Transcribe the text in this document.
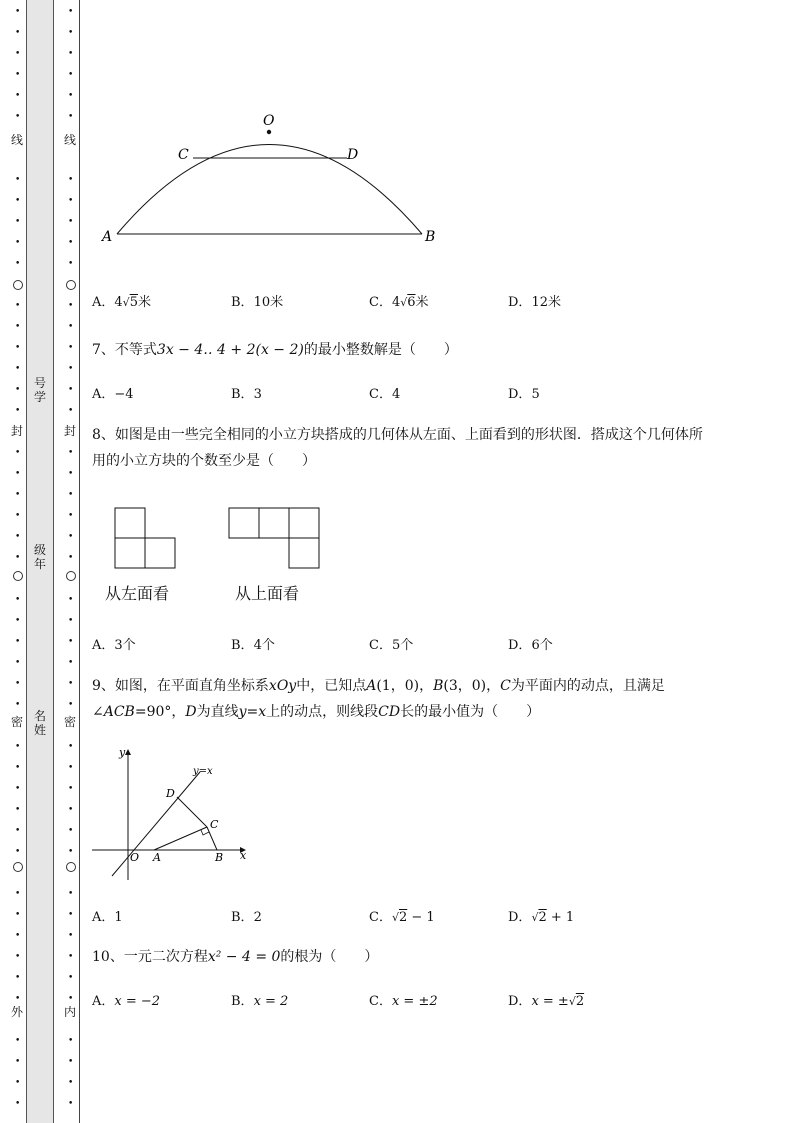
号学
级年
名姓
线
封
密
外
线
封
密
内
O
C	D
A	B
A．4√5米	B．10米	C．4√6米	D．12米
7、不等式3x − 4‥ 4 + 2(x − 2)的最小整数解是（　　）
A．−4	B．3	C．4	D．5
8、如图是由一些完全相同的小立方块搭成的几何体从左面、上面看到的形状图．搭成这个几何体所
用的小立方块的个数至少是（　　）
从左面看	从上面看
A．3个	B．4个	C．5个	D．6个
9、如图，在平面直角坐标系xOy中，已知点A(1，0)，B(3，0)，C为平面内的动点，且满足
∠ACB=90°，D为直线y=x上的动点，则线段CD长的最小值为（　　）
y
x
y=x
O A	B
C
D
A．1	B．2	C．√2 − 1	D．√2 + 1
10、一元二次方程x² − 4 = 0的根为（　　）
A．x = −2	B．x = 2	C．x = ±2	D．x = ±√2
•
•
•
•
•
•
•
•
•
•
•
•
•
•
•
•
•
•
•
•
•
•
•
•
•
•
•
•
•
•
•
•
•
•
•
•
•
•
•
•
•
•
•
•
•
•
•
•
•
•
•
•
•
•
•
•
•
•
•
•
•
•
•
•
•
•
•
•
•
•
•
•
•
•
•
•
•
•
•
•
•
•
•
•
•
•
•
•
•
•
